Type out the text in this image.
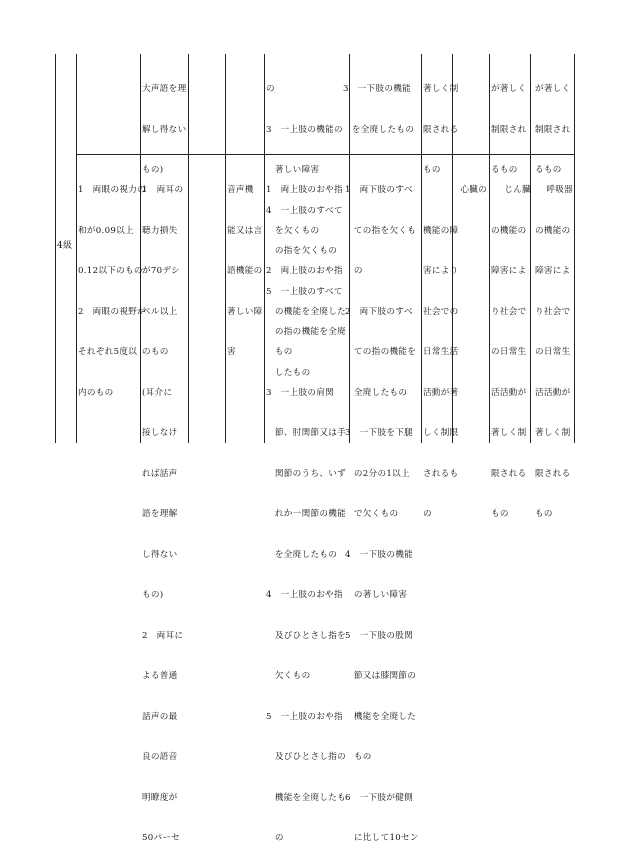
4級

大声語を理

解し得ない

もの)

の

3　一上肢の機能の

　著しい障害

4　一上肢のすべて

　の指を欠くもの

5　一上肢のすべて

　の指の機能を全廃

　したもの

3　一下肢の機能

　を全廃したもの

著しく制

限される

もの

が著しく

制限され

るもの

が著しく

制限され

るもの

1　両眼の視力の

和が0.09以上

0.12以下のもの

2　両眼の視野が

それぞれ5度以

内のもの

1　両耳の

聴力損失

が70デシ

ベル以上

のもの

(耳介に

接しなけ

れば話声

語を理解

し得ない

もの)

2　両耳に

よる普通

話声の最

良の語音

明瞭度が

50パーセ

音声機

能又は言

語機能の

著しい障

害

1　両上肢のおや指

　を欠くもの

2　両上肢のおや指

　の機能を全廃した

　もの

3　一上肢の肩関

　節、肘関節又は手

　関節のうち、いず

　れか一関節の機能

　を全廃したもの

4　一上肢のおや指

　及びひとさし指を

　欠くもの

5　一上肢のおや指

　及びひとさし指の

　機能を全廃したも

　の

1　両下肢のすべ

　ての指を欠くも

　の

2　両下肢のすべ

　ての指の機能を

　全廃したもの

3　一下肢を下腿

　の2分の1以上

　で欠くもの

4　一下肢の機能

　の著しい障害

5　一下肢の股関

　節又は膝関節の

　機能を全廃した

　もの

6　一下肢が健側

　に比して10セン

心臓の

機能の障

害により

社会での

日常生活

活動が著

しく制限

されるも

の

じん臓

の機能の

障害によ

り社会で

の日常生

活活動が

著しく制

限される

もの

呼吸器

の機能の

障害によ

り社会で

の日常生

活活動が

著しく制

限される

もの
